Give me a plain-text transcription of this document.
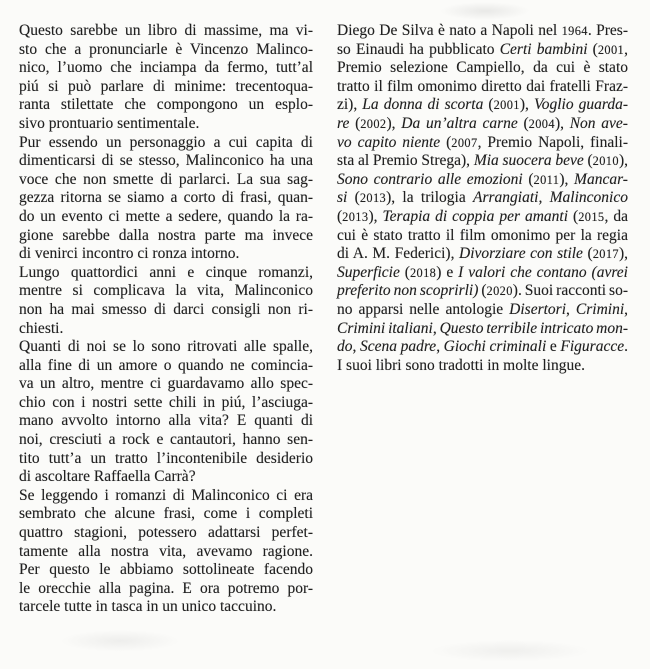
Questo sarebbe un libro di massime, ma vi-
sto che a pronunciarle è Vincenzo Malinco-
nico, l’uomo che inciampa da fermo, tutt’al
piú si può parlare di minime: trecentoqua-
ranta stilettate che compongono un esplo-
sivo prontuario sentimentale.
Pur essendo un personaggio a cui capita di
dimenticarsi di se stesso, Malinconico ha una
voce che non smette di parlarci. La sua sag-
gezza ritorna se siamo a corto di frasi, quan-
do un evento ci mette a sedere, quando la ra-
gione sarebbe dalla nostra parte ma invece
di venirci incontro ci ronza intorno.
Lungo quattordici anni e cinque romanzi,
mentre si complicava la vita, Malinconico
non ha mai smesso di darci consigli non ri-
chiesti.
Quanti di noi se lo sono ritrovati alle spalle,
alla fine di un amore o quando ne comincia-
va un altro, mentre ci guardavamo allo spec-
chio con i nostri sette chili in piú, l’asciuga-
mano avvolto intorno alla vita? E quanti di
noi, cresciuti a rock e cantautori, hanno sen-
tito tutt’a un tratto l’incontenibile desiderio
di ascoltare Raffaella Carrà?
Se leggendo i romanzi di Malinconico ci era
sembrato che alcune frasi, come i completi
quattro stagioni, potessero adattarsi perfet-
tamente alla nostra vita, avevamo ragione.
Per questo le abbiamo sottolineate facendo
le orecchie alla pagina. E ora potremo por-
tarcele tutte in tasca in un unico taccuino.
Diego De Silva è nato a Napoli nel 1964. Pres-
so Einaudi ha pubblicato Certi bambini (2001,
Premio selezione Campiello, da cui è stato
tratto il film omonimo diretto dai fratelli Fraz-
zi), La donna di scorta (2001), Voglio guarda-
re (2002), Da un’altra carne (2004), Non ave-
vo capito niente (2007, Premio Napoli, finali-
sta al Premio Strega), Mia suocera beve (2010),
Sono contrario alle emozioni (2011), Mancar-
si (2013), la trilogia Arrangiati, Malinconico
(2013), Terapia di coppia per amanti (2015, da
cui è stato tratto il film omonimo per la regia
di A. M. Federici), Divorziare con stile (2017),
Superficie (2018) e I valori che contano (avrei
preferito non scoprirli) (2020). Suoi racconti so-
no apparsi nelle antologie Disertori, Crimini,
Crimini italiani, Questo terribile intricato mon-
do, Scena padre, Giochi criminali e Figuracce.
I suoi libri sono tradotti in molte lingue.
